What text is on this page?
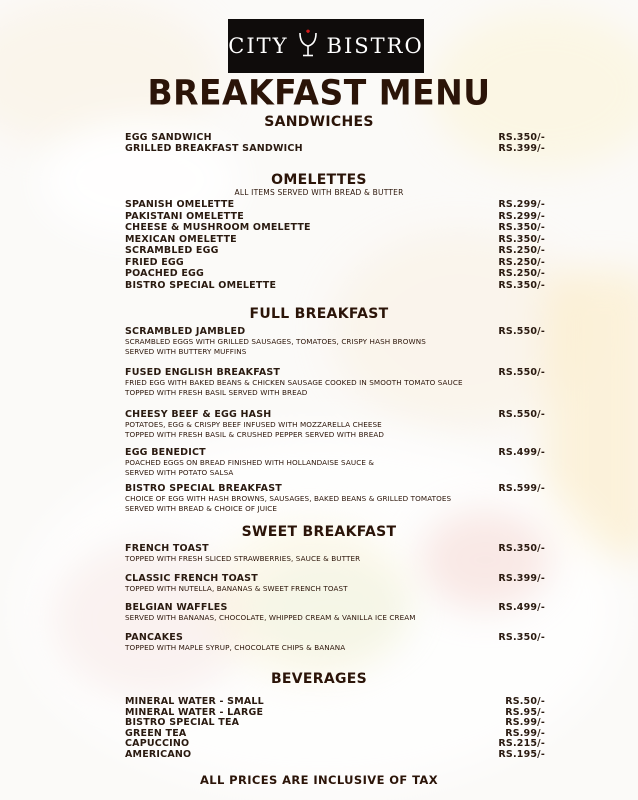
CITY BISTRO
BREAKFAST MENU
SANDWICHES
EGG SANDWICH	RS.350/-
GRILLED BREAKFAST SANDWICH	RS.399/-
OMELETTES
ALL ITEMS SERVED WITH BREAD & BUTTER
SPANISH OMELETTE	RS.299/-
PAKISTANI OMELETTE	RS.299/-
CHEESE & MUSHROOM OMELETTE	RS.350/-
MEXICAN OMELETTE	RS.350/-
SCRAMBLED EGG	RS.250/-
FRIED EGG	RS.250/-
POACHED EGG	RS.250/-
BISTRO SPECIAL OMELETTE	RS.350/-
FULL BREAKFAST
SCRAMBLED JAMBLED	RS.550/-
SCRAMBLED EGGS WITH GRILLED SAUSAGES, TOMATOES, CRISPY HASH BROWNS
SERVED WITH BUTTERY MUFFINS
FUSED ENGLISH BREAKFAST	RS.550/-
FRIED EGG WITH BAKED BEANS & CHICKEN SAUSAGE COOKED IN SMOOTH TOMATO SAUCE
TOPPED WITH FRESH BASIL SERVED WITH BREAD
CHEESY BEEF & EGG HASH	RS.550/-
POTATOES, EGG & CRISPY BEEF INFUSED WITH MOZZARELLA CHEESE
TOPPED WITH FRESH BASIL & CRUSHED PEPPER SERVED WITH BREAD
EGG BENEDICT	RS.499/-
POACHED EGGS ON BREAD FINISHED WITH HOLLANDAISE SAUCE &
SERVED WITH POTATO SALSA
BISTRO SPECIAL BREAKFAST	RS.599/-
CHOICE OF EGG WITH HASH BROWNS, SAUSAGES, BAKED BEANS & GRILLED TOMATOES
SERVED WITH BREAD & CHOICE OF JUICE
SWEET BREAKFAST
FRENCH TOAST	RS.350/-
TOPPED WITH FRESH SLICED STRAWBERRIES, SAUCE & BUTTER
CLASSIC FRENCH TOAST	RS.399/-
TOPPED WITH NUTELLA, BANANAS & SWEET FRENCH TOAST
BELGIAN WAFFLES	RS.499/-
SERVED WITH BANANAS, CHOCOLATE, WHIPPED CREAM & VANILLA ICE CREAM
PANCAKES	RS.350/-
TOPPED WITH MAPLE SYRUP, CHOCOLATE CHIPS & BANANA
BEVERAGES
MINERAL WATER - SMALL	RS.50/-
MINERAL WATER - LARGE	RS.95/-
BISTRO SPECIAL TEA	RS.99/-
GREEN TEA	RS.99/-
CAPUCCINO	RS.215/-
AMERICANO	RS.195/-
ALL PRICES ARE INCLUSIVE OF TAX
